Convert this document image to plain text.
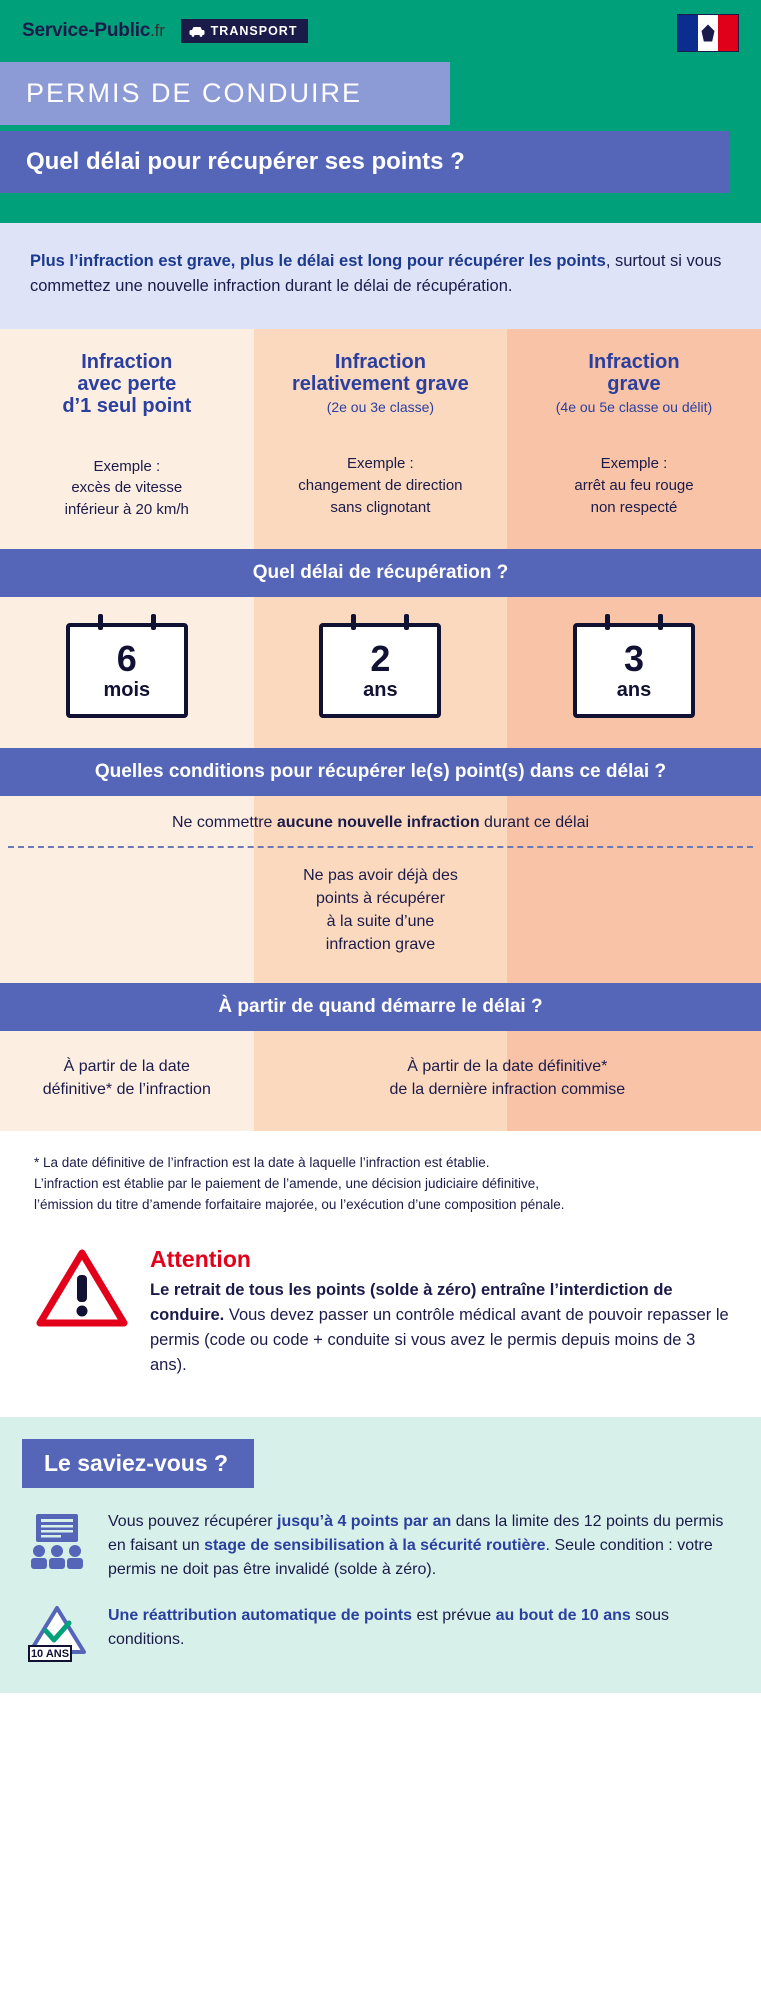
Service-Public.fr	TRANSPORT
PERMIS DE CONDUIRE
Quel délai pour récupérer ses points ?
Plus l’infraction est grave, plus le délai est long pour récupérer les points, surtout si vous commettez une nouvelle infraction durant le délai de récupération.
Infraction
avec perte
d’1 seul point
Exemple :
excès de vitesse
inférieur à 20 km/h
Infraction
relativement grave
(2e ou 3e classe)
Exemple :
changement de direction
sans clignotant
Infraction
grave
(4e ou 5e classe ou délit)
Exemple :
arrêt au feu rouge
non respecté
Quel délai de récupération ?
6
mois
2
ans
3
ans
Quelles conditions pour récupérer le(s) point(s) dans ce délai ?
Ne commettre aucune nouvelle infraction durant ce délai
Ne pas avoir déjà des
points à récupérer
à la suite d’une
infraction grave
À partir de quand démarre le délai ?
À partir de la date
définitive* de l’infraction
À partir de la date définitive*
de la dernière infraction commise
* La date définitive de l’infraction est la date à laquelle l’infraction est établie.
L’infraction est établie par le paiement de l’amende, une décision judiciaire définitive,
l’émission du titre d’amende forfaitaire majorée, ou l’exécution d’une composition pénale.
Attention
Le retrait de tous les points (solde à zéro) entraîne l’interdiction de conduire. Vous devez passer un contrôle médical avant de pouvoir repasser le permis (code ou code + conduite si vous avez le permis depuis moins de 3 ans).
Le saviez-vous ?
Vous pouvez récupérer jusqu’à 4 points par an dans la limite des 12 points du permis en faisant un stage de sensibilisation à la sécurité routière. Seule condition : votre permis ne doit pas être invalidé (solde à zéro).
10 ANS
Une réattribution automatique de points est prévue au bout de 10 ans sous conditions.
